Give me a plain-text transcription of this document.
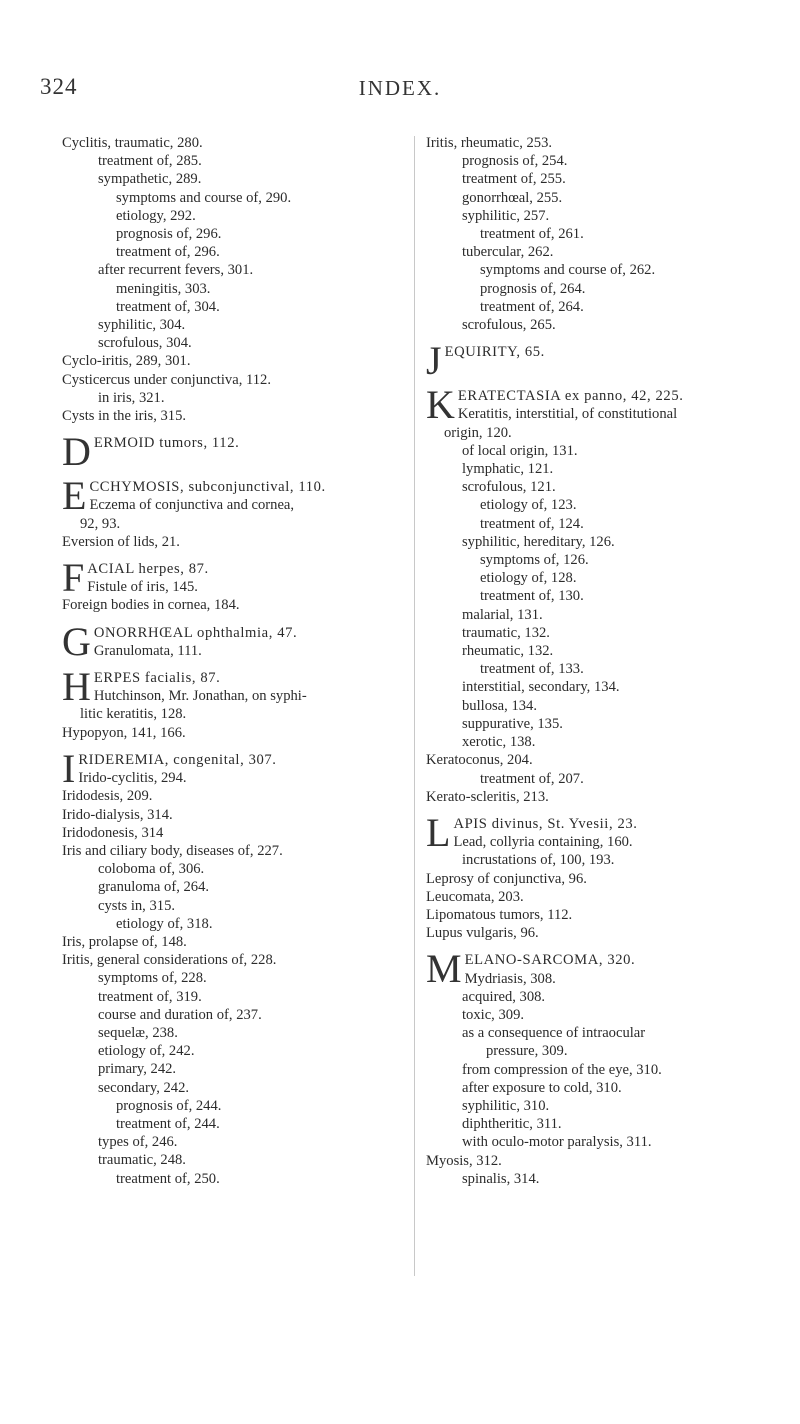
324	INDEX.
Cyclitis, traumatic, 280.
treatment of, 285.
sympathetic, 289.
symptoms and course of, 290.
etiology, 292.
prognosis of, 296.
treatment of, 296.
after recurrent fevers, 301.
meningitis, 303.
treatment of, 304.
syphilitic, 304.
scrofulous, 304.
Cyclo-iritis, 289, 301.
Cysticercus under conjunctiva, 112.
in iris, 321.
Cysts in the iris, 315.
D ERMOID tumors, 112.
E CCHYMOSIS, subconjunctival, 110.
Eczema of conjunctiva and cornea,
92, 93.
Eversion of lids, 21.
F ACIAL herpes, 87.
Fistule of iris, 145.
Foreign bodies in cornea, 184.
G ONORRHŒAL ophthalmia, 47.
Granulomata, 111.
H ERPES facialis, 87.
Hutchinson, Mr. Jonathan, on syphi-
litic keratitis, 128.
Hypopyon, 141, 166.
I RIDEREMIA, congenital, 307.
Irido-cyclitis, 294.
Iridodesis, 209.
Irido-dialysis, 314.
Iridodonesis, 314
Iris and ciliary body, diseases of, 227.
coloboma of, 306.
granuloma of, 264.
cysts in, 315.
etiology of, 318.
Iris, prolapse of, 148.
Iritis, general considerations of, 228.
symptoms of, 228.
treatment of, 319.
course and duration of, 237.
sequelæ, 238.
etiology of, 242.
primary, 242.
secondary, 242.
prognosis of, 244.
treatment of, 244.
types of, 246.
traumatic, 248.
treatment of, 250.
Iritis, rheumatic, 253.
prognosis of, 254.
treatment of, 255.
gonorrhœal, 255.
syphilitic, 257.
treatment of, 261.
tubercular, 262.
symptoms and course of, 262.
prognosis of, 264.
treatment of, 264.
scrofulous, 265.
J EQUIRITY, 65.
K ERATECTASIA ex panno, 42, 225.
Keratitis, interstitial, of constitutional
origin, 120.
of local origin, 131.
lymphatic, 121.
scrofulous, 121.
etiology of, 123.
treatment of, 124.
syphilitic, hereditary, 126.
symptoms of, 126.
etiology of, 128.
treatment of, 130.
malarial, 131.
traumatic, 132.
rheumatic, 132.
treatment of, 133.
interstitial, secondary, 134.
bullosa, 134.
suppurative, 135.
xerotic, 138.
Keratoconus, 204.
treatment of, 207.
Kerato-scleritis, 213.
L APIS divinus, St. Yvesii, 23.
Lead, collyria containing, 160.
incrustations of, 100, 193.
Leprosy of conjunctiva, 96.
Leucomata, 203.
Lipomatous tumors, 112.
Lupus vulgaris, 96.
M ELANO-SARCOMA, 320.
Mydriasis, 308.
acquired, 308.
toxic, 309.
as a consequence of intraocular
pressure, 309.
from compression of the eye, 310.
after exposure to cold, 310.
syphilitic, 310.
diphtheritic, 311.
with oculo-motor paralysis, 311.
Myosis, 312.
spinalis, 314.
